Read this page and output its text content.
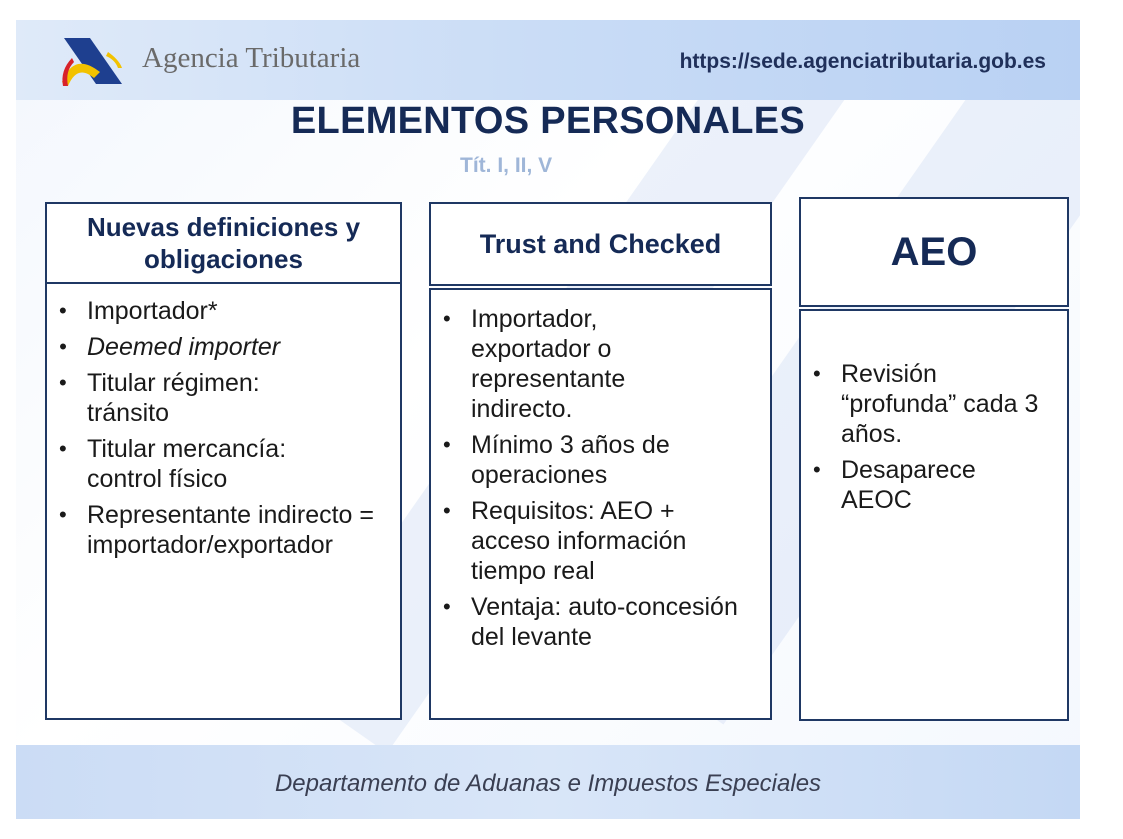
Agencia Tributaria	https://sede.agenciatributaria.gob.es
ELEMENTOS PERSONALES
Tít. I, II, V
Nuevas definiciones y obligaciones
• Importador*
• Deemed importer
• Titular régimen: tránsito
• Titular mercancía: control físico
• Representante indirecto = importador/exportador
Trust and Checked
• Importador, exportador o representante indirecto.
• Mínimo 3 años de operaciones
• Requisitos: AEO + acceso información tiempo real
• Ventaja: auto-concesión del levante
AEO
• Revisión “profunda” cada 3 años.
• Desaparece AEOC
Departamento de Aduanas e Impuestos Especiales
